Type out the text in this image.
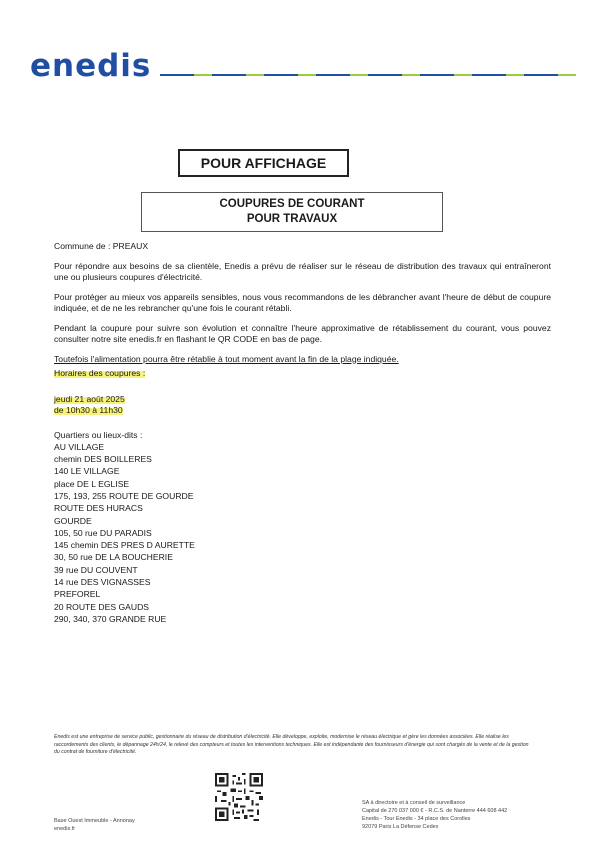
enedis
POUR AFFICHAGE
COUPURES DE COURANT
POUR TRAVAUX

Commune de : PREAUX

Pour répondre aux besoins de sa clientèle, Enedis a prévu de réaliser sur le réseau de distribution des travaux qui entraîneront une ou plusieurs coupures d'électricité.

Pour protéger au mieux vos appareils sensibles, nous vous recommandons de les débrancher avant l'heure de début de coupure indiquée, et de ne les rebrancher qu'une fois le courant rétabli.

Pendant la coupure pour suivre son évolution et connaître l'heure approximative de rétablissement du courant, vous pouvez consulter notre site enedis.fr en flashant le QR CODE en bas de page.

Toutefois l'alimentation pourra être rétablie à tout moment avant la fin de la plage indiquée.

Horaires des coupures :

jeudi 21 août 2025
de 10h30 à 11h30
Quartiers ou lieux-dits :
AU VILLAGE
chemin DES BOILLERES
140 LE VILLAGE
place DE L EGLISE
175, 193, 255 ROUTE DE GOURDE
ROUTE DES HURACS
GOURDE
105, 50 rue DU PARADIS
145 chemin DES PRES D AURETTE
30, 50 rue DE LA BOUCHERIE
39 rue DU COUVENT
14 rue DES VIGNASSES
PREFOREL
20 ROUTE DES GAUDS
290, 340, 370 GRANDE RUE
Enedis est une entreprise de service public, gestionnaire du réseau de distribution d'électricité. Elle développe, exploite, modernise le réseau électrique et gère les données associées. Elle réalise les raccordements des clients, le dépannage 24h/24, le relevé des compteurs et toutes les interventions techniques. Elle est indépendante des fournisseurs d'énergie qui sont chargés de la vente et de la gestion du contrat de fourniture d'électricité.
Base Ouest Immeuble - Annonay
enedis.fr
SA à directoire et à conseil de surveillance
Capital de 270 037 000 € - R.C.S. de Nanterre 444 608 442
Enedis - Tour Enedis - 34 place des Corolles
92079 Paris La Défense Cedex
